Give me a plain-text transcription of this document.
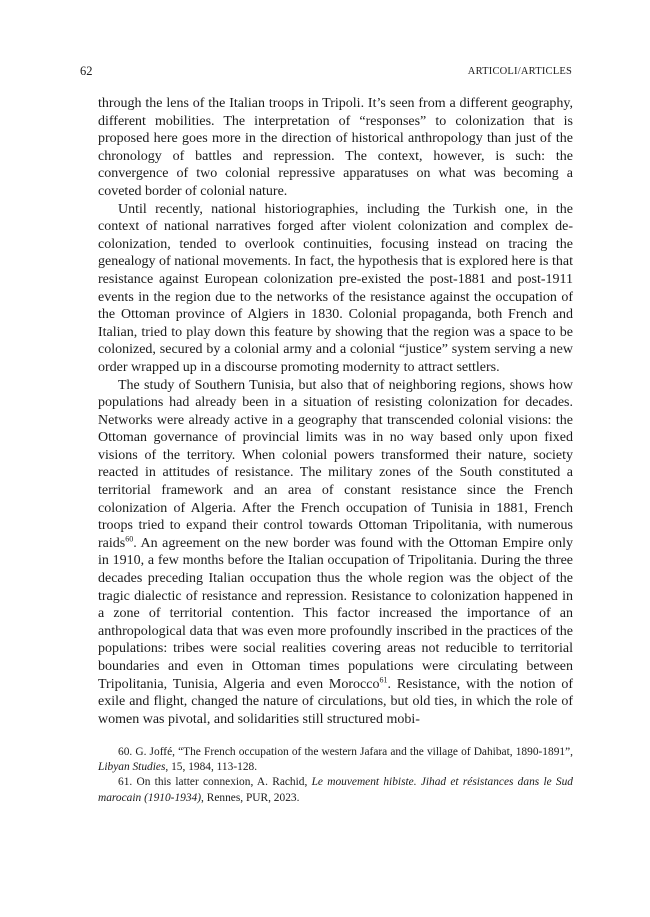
62	ARTICOLI/ARTICLES

through the lens of the Italian troops in Tripoli. It’s seen from a different geography, different mobilities. The interpretation of “responses” to colonization that is proposed here goes more in the direction of historical anthropology than just of the chronology of battles and repression. The context, however, is such: the convergence of two colonial repressive apparatuses on what was becoming a coveted border of colonial nature.

Until recently, national historiographies, including the Turkish one, in the context of national narratives forged after violent colonization and complex decolonization, tended to overlook continuities, focusing instead on tracing the genealogy of national movements. In fact, the hypothesis that is explored here is that resistance against European colonization pre-existed the post-1881 and post-1911 events in the region due to the networks of the resistance against the occupation of the Ottoman province of Algiers in 1830. Colonial propaganda, both French and Italian, tried to play down this feature by showing that the region was a space to be colonized, secured by a colonial army and a colonial “justice” system serving a new order wrapped up in a discourse promoting modernity to attract settlers.

The study of Southern Tunisia, but also that of neighboring regions, shows how populations had already been in a situation of resisting colonization for decades. Networks were already active in a geography that transcended colonial visions: the Ottoman governance of provincial limits was in no way based only upon fixed visions of the territory. When colonial powers transformed their nature, society reacted in attitudes of resistance. The military zones of the South constituted a territorial framework and an area of constant resistance since the French colonization of Algeria. After the French occupation of Tunisia in 1881, French troops tried to expand their control towards Ottoman Tripolitania, with numerous raids$^{60}$. An agreement on the new border was found with the Ottoman Empire only in 1910, a few months before the Italian occupation of Tripolitania. During the three decades preceding Italian occupation thus the whole region was the object of the tragic dialectic of resistance and repression. Resistance to colonization happened in a zone of territorial contention. This factor increased the importance of an anthropological data that was even more profoundly inscribed in the practices of the populations: tribes were social realities covering areas not reducible to territorial boundaries and even in Ottoman times populations were circulating between Tripolitania, Tunisia, Algeria and even Morocco$^{61}$. Resistance, with the notion of exile and flight, changed the nature of circulations, but old ties, in which the role of women was pivotal, and solidarities still structured mobi-

60. G. Joffé, “The French occupation of the western Jafara and the village of Dahibat, 1890-1891”, Libyan Studies, 15, 1984, 113-128.

61. On this latter connexion, A. Rachid, Le mouvement hibiste. Jihad et résistances dans le Sud marocain (1910-1934), Rennes, PUR, 2023.
